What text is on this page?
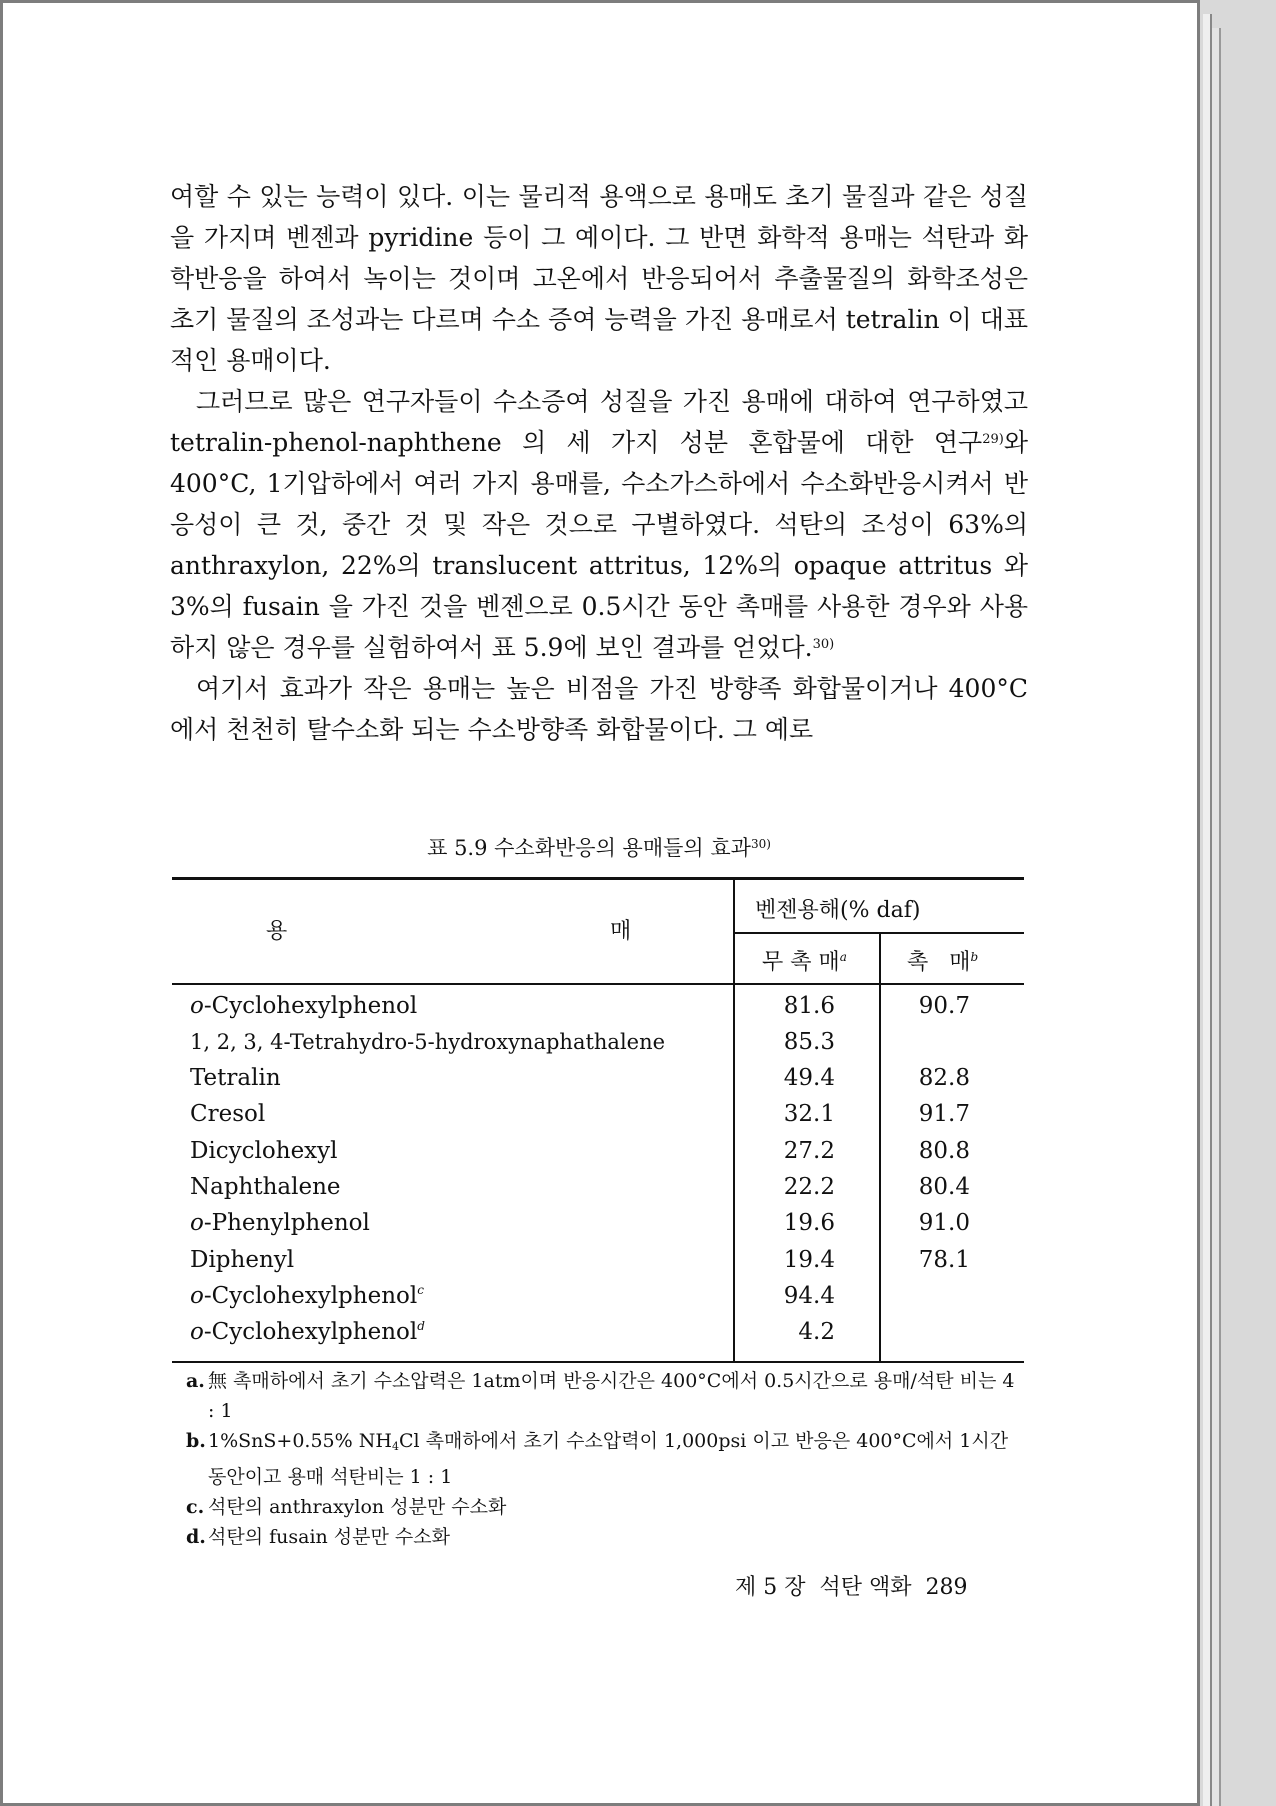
여할 수 있는 능력이 있다. 이는 물리적 용액으로 용매도 초기 물질과 같은 성질을 가지며 벤젠과 pyridine 등이 그 예이다. 그 반면 화학적 용매는 석탄과 화학반응을 하여서 녹이는 것이며 고온에서 반응되어서 추출물질의 화학조성은 초기 물질의 조성과는 다르며 수소 증여 능력을 가진 용매로서 tetralin 이 대표적인 용매이다.

그러므로 많은 연구자들이 수소증여 성질을 가진 용매에 대하여 연구하였고 tetralin-phenol-naphthene 의 세 가지 성분 혼합물에 대한 연구$^{29)}$와 400°C, 1기압하에서 여러 가지 용매를, 수소가스하에서 수소화반응시켜서 반응성이 큰 것, 중간 것 및 작은 것으로 구별하였다. 석탄의 조성이 63%의 anthraxylon, 22%의 translucent attritus, 12%의 opaque attritus 와 3%의 fusain 을 가진 것을 벤젠으로 0.5시간 동안 촉매를 사용한 경우와 사용하지 않은 경우를 실험하여서 표 5.9에 보인 결과를 얻었다.$^{30)}$

여기서 효과가 작은 용매는 높은 비점을 가진 방향족 화합물이거나 400°C 에서 천천히 탈수소화 되는 수소방향족 화합물이다. 그 예로

표 5.9 수소화반응의 용매들의 효과$^{30)}$
용	매
벤젠용해(% daf)
무 촉 매$^a$	촉   매$^b$
o-Cyclohexylphenol	81.6	90.7
1, 2, 3, 4-Tetrahydro-5-hydroxynaphathalene	85.3
Tetralin	49.4	82.8
Cresol	32.1	91.7
Dicyclohexyl	27.2	80.8
Naphthalene	22.2	80.4
o-Phenylphenol	19.6	91.0
Diphenyl	19.4	78.1
o-Cyclohexylphenol$^c$	94.4
o-Cyclohexylphenol$^d$	4.2
a. 無 촉매하에서 초기 수소압력은 1atm이며 반응시간은 400°C에서 0.5시간으로 용매/석탄 비는 4 : 1
b. 1%SnS+0.55% $NH_4Cl$ 촉매하에서 초기 수소압력이 1,000psi 이고 반응은 400°C에서 1시간 동안이고 용매 석탄비는 1 : 1
c. 석탄의 anthraxylon 성분만 수소화
d. 석탄의 fusain 성분만 수소화
제 5 장  석탄 액화 289
